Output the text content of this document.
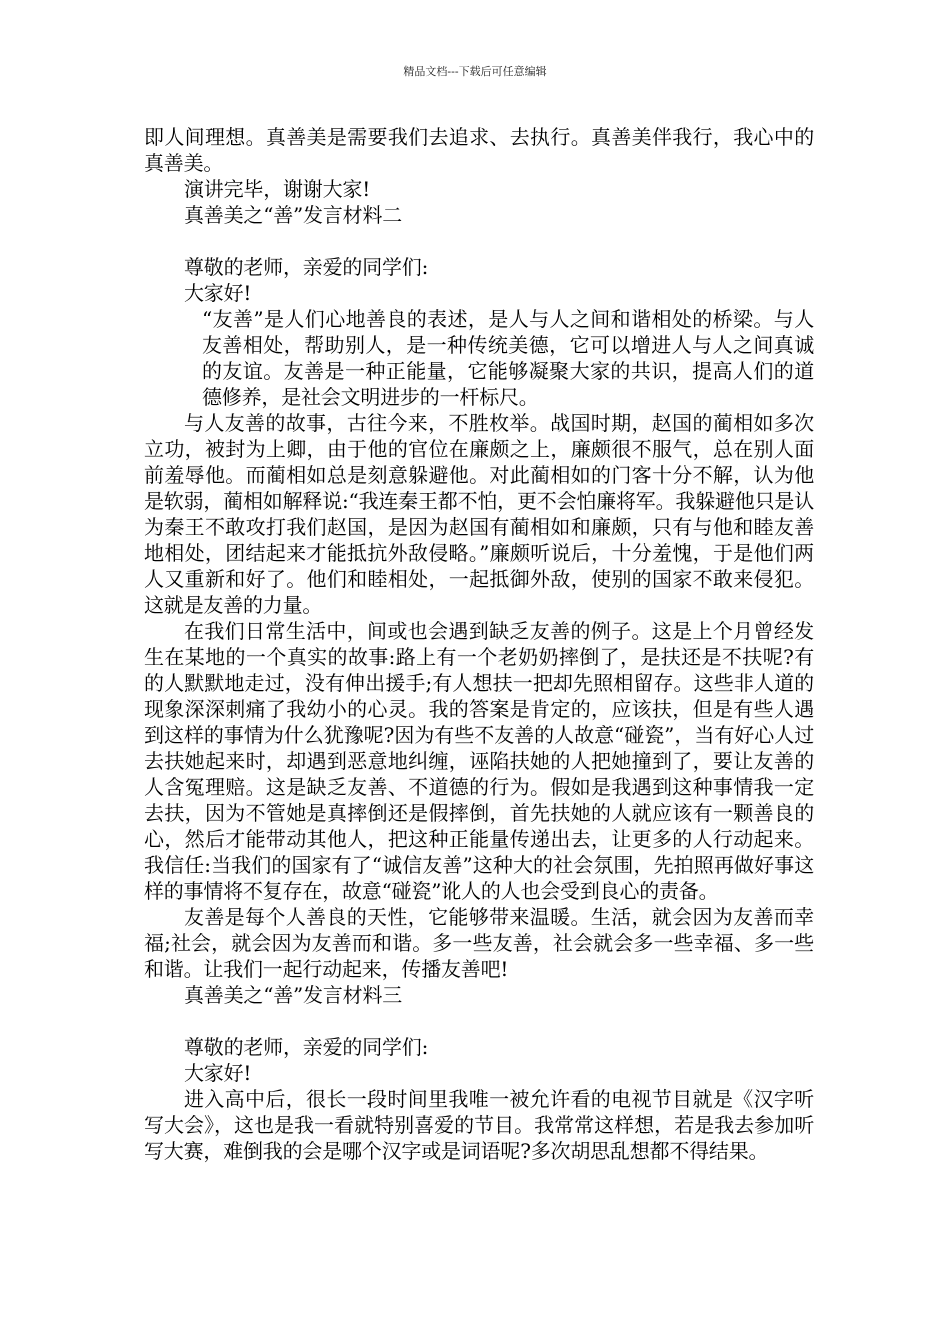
精品文档---下载后可任意编辑

即人间理想。真善美是需要我们去追求、去执行。真善美伴我行，我心中的真善美。

演讲完毕，谢谢大家!

真善美之“善”发言材料二

尊敬的老师，亲爱的同学们:

大家好!

“友善”是人们心地善良的表述，是人与人之间和谐相处的桥梁。与人友善相处，帮助别人，是一种传统美德，它可以增进人与人之间真诚的友谊。友善是一种正能量，它能够凝聚大家的共识，提高人们的道德修养，是社会文明进步的一杆标尺。

与人友善的故事，古往今来，不胜枚举。战国时期，赵国的蔺相如多次立功，被封为上卿，由于他的官位在廉颇之上，廉颇很不服气，总在别人面前羞辱他。而蔺相如总是刻意躲避他。对此蔺相如的门客十分不解，认为他是软弱，蔺相如解释说:“我连秦王都不怕，更不会怕廉将军。我躲避他只是认为秦王不敢攻打我们赵国，是因为赵国有蔺相如和廉颇，只有与他和睦友善地相处，团结起来才能抵抗外敌侵略。”廉颇听说后，十分羞愧，于是他们两人又重新和好了。他们和睦相处，一起抵御外敌，使别的国家不敢来侵犯。这就是友善的力量。

在我们日常生活中，间或也会遇到缺乏友善的例子。这是上个月曾经发生在某地的一个真实的故事:路上有一个老奶奶摔倒了，是扶还是不扶呢?有的人默默地走过，没有伸出援手;有人想扶一把却先照相留存。这些非人道的现象深深刺痛了我幼小的心灵。我的答案是肯定的，应该扶，但是有些人遇到这样的事情为什么犹豫呢?因为有些不友善的人故意“碰瓷”，当有好心人过去扶她起来时，却遇到恶意地纠缠，诬陷扶她的人把她撞到了，要让友善的人含冤理赔。这是缺乏友善、不道德的行为。假如是我遇到这种事情我一定去扶，因为不管她是真摔倒还是假摔倒，首先扶她的人就应该有一颗善良的心，然后才能带动其他人，把这种正能量传递出去，让更多的人行动起来。我信任:当我们的国家有了“诚信友善”这种大的社会氛围，先拍照再做好事这样的事情将不复存在，故意“碰瓷”讹人的人也会受到良心的责备。

友善是每个人善良的天性，它能够带来温暖。生活，就会因为友善而幸福;社会，就会因为友善而和谐。多一些友善，社会就会多一些幸福、多一些和谐。让我们一起行动起来，传播友善吧!

真善美之“善”发言材料三

尊敬的老师，亲爱的同学们:

大家好!

进入高中后，很长一段时间里我唯一被允许看的电视节目就是《汉字听写大会》，这也是我一看就特别喜爱的节目。我常常这样想，若是我去参加听写大赛，难倒我的会是哪个汉字或是词语呢?多次胡思乱想都不得结果。
